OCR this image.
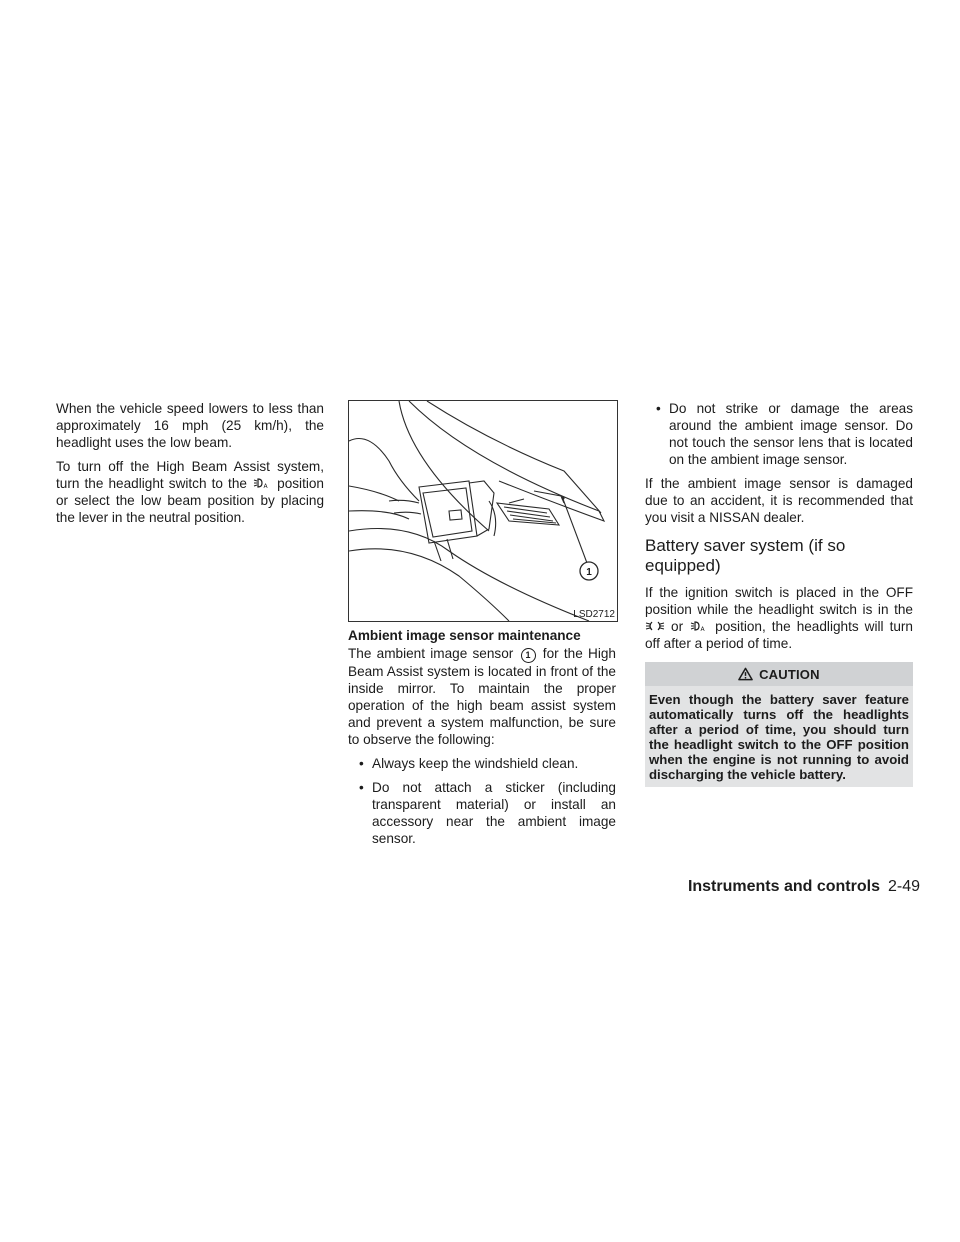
When the vehicle speed lowers to less than approximately 16 mph (25 km/h), the headlight uses the low beam.

To turn off the High Beam Assist system, turn the headlight switch to the	A position or select the low beam position by placing the lever in the neutral position.

1
LSD2712
Ambient image sensor maintenance

The ambient image sensor 1 for the High Beam Assist system is located in front of the inside mirror. To maintain the proper operation of the high beam assist system and prevent a system malfunction, be sure to observe the following:

• Always keep the windshield clean.
• Do not attach a sticker (including transparent material) or install an accessory near the ambient image sensor.
• Do not strike or damage the areas around the ambient image sensor. Do not touch the sensor lens that is located on the ambient image sensor.

If the ambient image sensor is damaged due to an accident, it is recommended that you visit a NISSAN dealer.

Battery saver system (if so equipped)

If the ignition switch is placed in the OFF position while the headlight switch is in the
or	A position, the headlights will turn off after a period of time.

CAUTION
Even though the battery saver feature automatically turns off the headlights after a period of time, you should turn the headlight switch to the OFF position when the engine is not running to avoid discharging the vehicle battery.
Instruments and controls 2-49
